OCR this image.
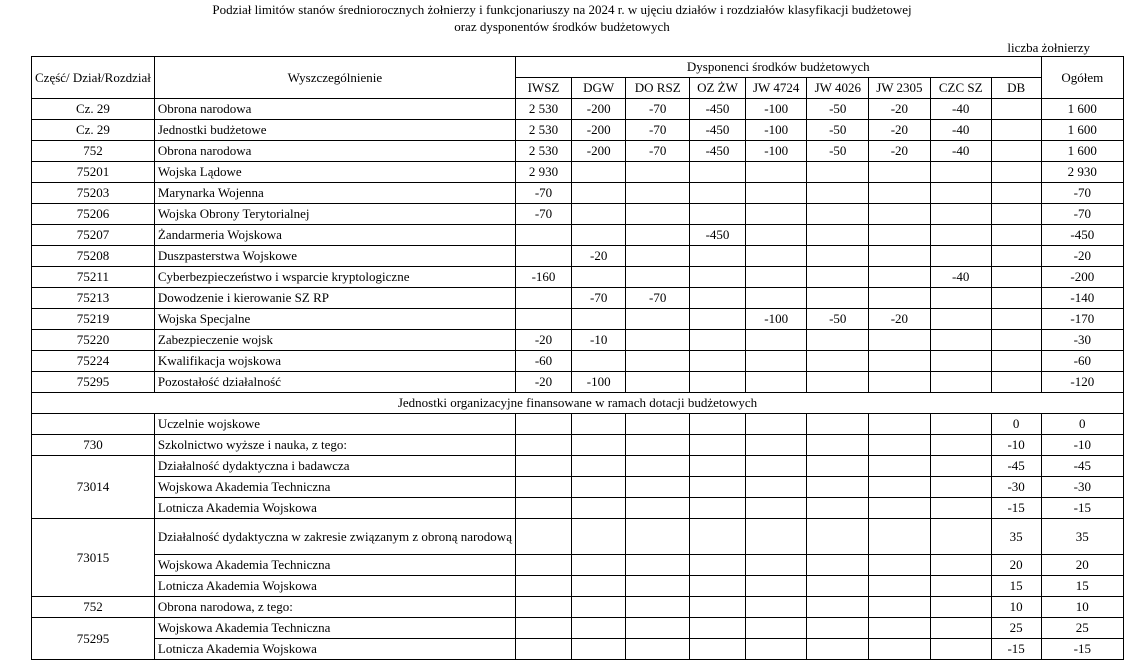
Podział limitów stanów średniorocznych żołnierzy i funkcjonariuszy na 2024 r. w ujęciu działów i rozdziałów klasyfikacji budżetowej
oraz dysponentów środków budżetowych
liczba żołnierzy
Część/ Dział/Rozdział	Wyszczególnienie	Dysponenci środków budżetowych									Ogółem
		IWSZ	DGW	DO RSZ	OZ ŻW	JW 4724	JW 4026	JW 2305	CZC SZ	DB	
Cz. 29	Obrona narodowa	2 530	-200	-70	-450	-100	-50	-20	-40		1 600
Cz. 29	Jednostki budżetowe	2 530	-200	-70	-450	-100	-50	-20	-40		1 600
752	Obrona narodowa	2 530	-200	-70	-450	-100	-50	-20	-40		1 600
75201	Wojska Lądowe	2 930									2 930
75203	Marynarka Wojenna	-70									-70
75206	Wojska Obrony Terytorialnej	-70									-70
75207	Żandarmeria Wojskowa				-450						-450
75208	Duszpasterstwa Wojskowe		-20								-20
75211	Cyberbezpieczeństwo i wsparcie kryptologiczne	-160							-40		-200
75213	Dowodzenie i kierowanie SZ RP		-70	-70							-140
75219	Wojska Specjalne					-100	-50	-20			-170
75220	Zabezpieczenie wojsk	-20	-10								-30
75224	Kwalifikacja wojskowa	-60									-60
75295	Pozostałość działalność	-20	-100								-120
Jednostki organizacyjne finansowane w ramach dotacji budżetowych											
	Uczelnie wojskowe									0	0
730	Szkolnictwo wyższe i nauka, z tego:									-10	-10
73014	Działalność dydaktyczna i badawcza									-45	-45
	Wojskowa Akademia Techniczna									-30	-30
	Lotnicza Akademia Wojskowa									-15	-15
73015	Działalność dydaktyczna w zakresie związanym z obroną narodową									35	35
	Wojskowa Akademia Techniczna									20	20
	Lotnicza Akademia Wojskowa									15	15
752	Obrona narodowa, z tego:									10	10
75295	Wojskowa Akademia Techniczna									25	25
	Lotnicza Akademia Wojskowa									-15	-15
